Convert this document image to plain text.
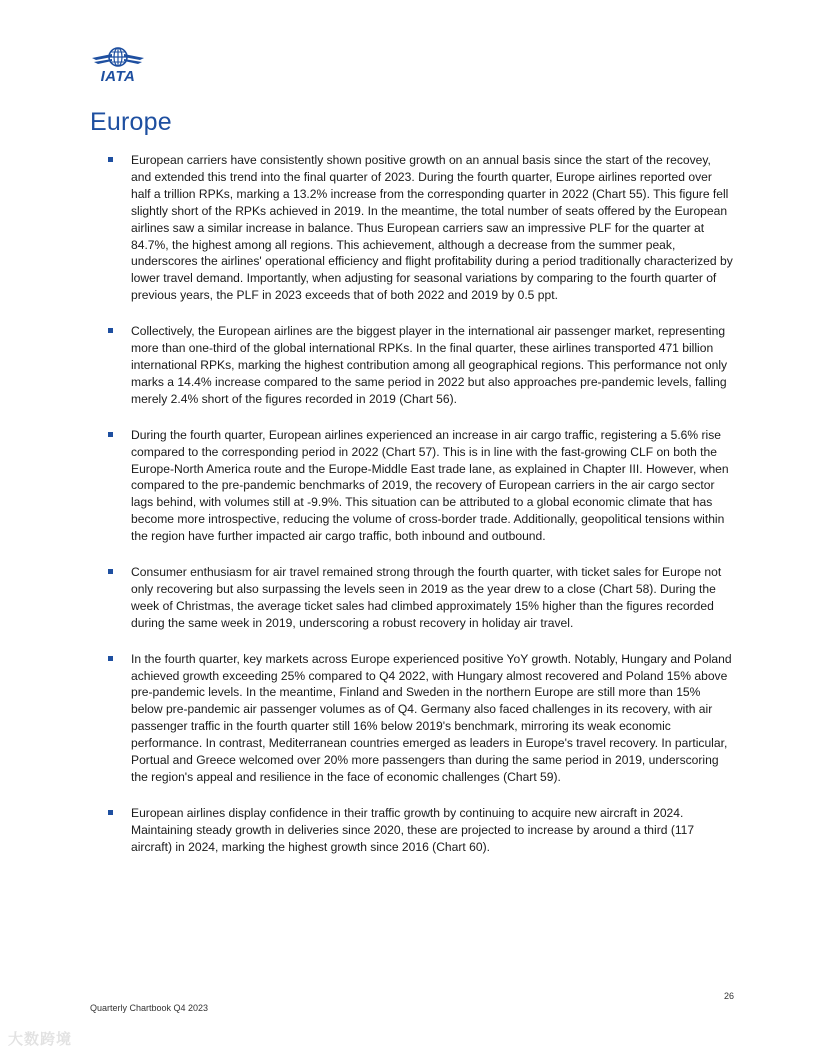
IATA
Europe
European carriers have consistently shown positive growth on an annual basis since the start of the recovey, and extended this trend into the final quarter of 2023. During the fourth quarter, Europe airlines reported over half a trillion RPKs, marking a 13.2% increase from the corresponding quarter in 2022 (Chart 55). This figure fell slightly short of the RPKs achieved in 2019. In the meantime, the total number of seats offered by the European airlines saw a similar increase in balance. Thus European carriers saw an impressive PLF for the quarter at 84.7%, the highest among all regions. This achievement, although a decrease from the summer peak, underscores the airlines' operational efficiency and flight profitability during a period traditionally characterized by lower travel demand. Importantly, when adjusting for seasonal variations by comparing to the fourth quarter of previous years, the PLF in 2023 exceeds that of both 2022 and 2019 by 0.5 ppt.
Collectively, the European airlines are the biggest player in the international air passenger market, representing more than one-third of the global international RPKs. In the final quarter, these airlines transported 471 billion international RPKs, marking the highest contribution among all geographical regions. This performance not only marks a 14.4% increase compared to the same period in 2022 but also approaches pre-pandemic levels, falling merely 2.4% short of the figures recorded in 2019 (Chart 56).
During the fourth quarter, European airlines experienced an increase in air cargo traffic, registering a 5.6% rise compared to the corresponding period in 2022 (Chart 57). This is in line with the fast-growing CLF on both the Europe-North America route and the Europe-Middle East trade lane, as explained in Chapter III. However, when compared to the pre-pandemic benchmarks of 2019, the recovery of European carriers in the air cargo sector lags behind, with volumes still at -9.9%. This situation can be attributed to a global economic climate that has become more introspective, reducing the volume of cross-border trade. Additionally, geopolitical tensions within the region have further impacted air cargo traffic, both inbound and outbound.
Consumer enthusiasm for air travel remained strong through the fourth quarter, with ticket sales for Europe not only recovering but also surpassing the levels seen in 2019 as the year drew to a close (Chart 58). During the week of Christmas, the average ticket sales had climbed approximately 15% higher than the figures recorded during the same week in 2019, underscoring a robust recovery in holiday air travel.
In the fourth quarter, key markets across Europe experienced positive YoY growth. Notably, Hungary and Poland achieved growth exceeding 25% compared to Q4 2022, with Hungary almost recovered and Poland 15% above pre-pandemic levels. In the meantime, Finland and Sweden in the northern Europe are still more than 15% below pre-pandemic air passenger volumes as of Q4. Germany also faced challenges in its recovery, with air passenger traffic in the fourth quarter still 16% below 2019's benchmark, mirroring its weak economic performance. In contrast, Mediterranean countries emerged as leaders in Europe's travel recovery. In particular, Portual and Greece welcomed over 20% more passengers than during the same period in 2019, underscoring the region's appeal and resilience in the face of economic challenges (Chart 59).
European airlines display confidence in their traffic growth by continuing to acquire new aircraft in 2024. Maintaining steady growth in deliveries since 2020, these are projected to increase by around a third (117 aircraft) in 2024, marking the highest growth since 2016 (Chart 60).
26
Quarterly Chartbook Q4 2023
大数跨境
